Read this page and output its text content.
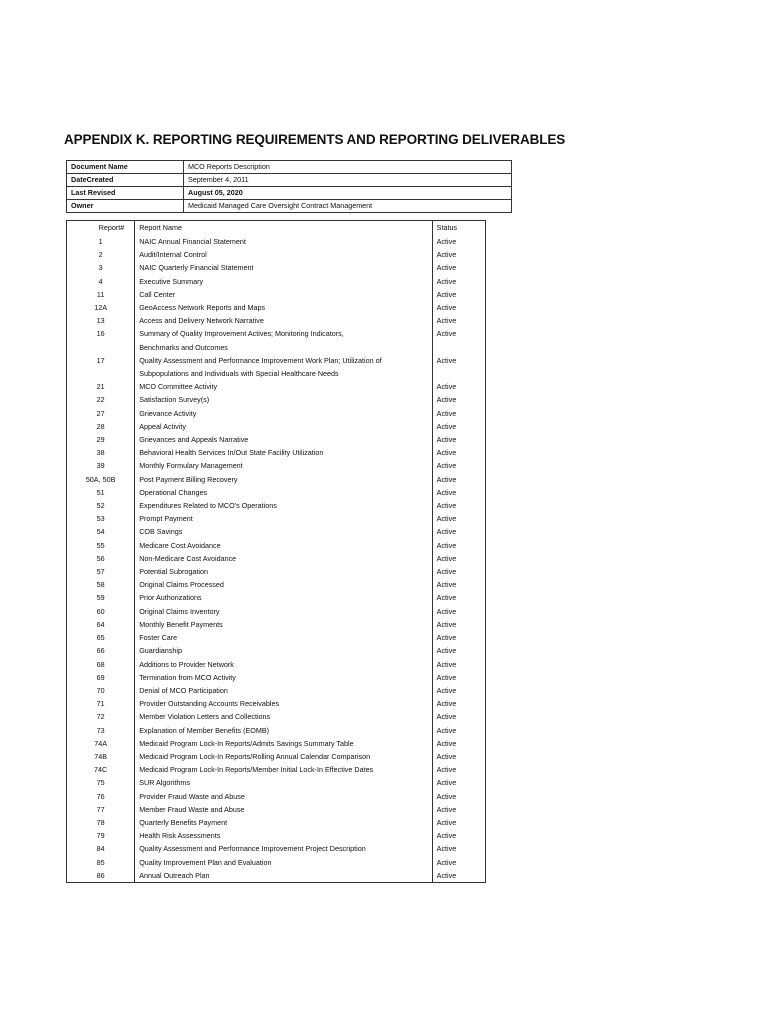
APPENDIX K. REPORTING REQUIREMENTS AND REPORTING DELIVERABLES
Document Name	MCO Reports Description
DateCreated	September 4, 2011
Last Revised	August 05, 2020
Owner	Medicaid Managed Care Oversight Contract Management
Report#	Report Name	Status
1	NAIC Annual Financial Statement	Active
2	Audit/Internal Control	Active
3	NAIC Quarterly Financial Statement	Active
4	Executive Summary	Active
11	Call Center	Active
12A	GeoAccess Network Reports and Maps	Active
13	Access and Delivery Network Narrative	Active
16	Summary of Quality Improvement Actives; Monitoring Indicators,
Benchmarks and Outcomes	Active
17	Quality Assessment and Performance Improvement Work Plan; Utilization of
Subpopulations and Individuals with Special Healthcare Needs	Active
21	MCO Committee Activity	Active
22	Satisfaction Survey(s)	Active
27	Grievance Activity	Active
28	Appeal Activity	Active
29	Grievances and Appeals Narrative	Active
38	Behavioral Health Services In/Out State Facility Utilization	Active
39	Monthly Formulary Management	Active
50A, 50B	Post Payment Billing Recovery	Active
51	Operational Changes	Active
52	Expenditures Related to MCO's Operations	Active
53	Prompt Payment	Active
54	COB Savings	Active
55	Medicare Cost Avoidance	Active
56	Non-Medicare Cost Avoidance	Active
57	Potential Subrogation	Active
58	Original Claims Processed	Active
59	Prior Authorizations	Active
60	Original Claims Inventory	Active
64	Monthly Benefit Payments	Active
65	Foster Care	Active
66	Guardianship	Active
68	Additions to Provider Network	Active
69	Termination from MCO Activity	Active
70	Denial of MCO Participation	Active
71	Provider Outstanding Accounts Receivables	Active
72	Member Violation Letters and Collections	Active
73	Explanation of Member Benefits (EOMB)	Active
74A	Medicaid Program Lock-In Reports/Admits Savings Summary Table	Active
74B	Medicaid Program Lock-In Reports/Rolling Annual Calendar Comparison	Active
74C	Medicaid Program Lock-In Reports/Member Initial Lock-In Effective Dates	Active
75	SUR Algorithms	Active
76	Provider Fraud Waste and Abuse	Active
77	Member Fraud Waste and Abuse	Active
78	Quarterly Benefits Payment	Active
79	Health Risk Assessments	Active
84	Quality Assessment and Performance Improvement Project Description	Active
85	Quality Improvement Plan and Evaluation	Active
86	Annual Outreach Plan	Active
